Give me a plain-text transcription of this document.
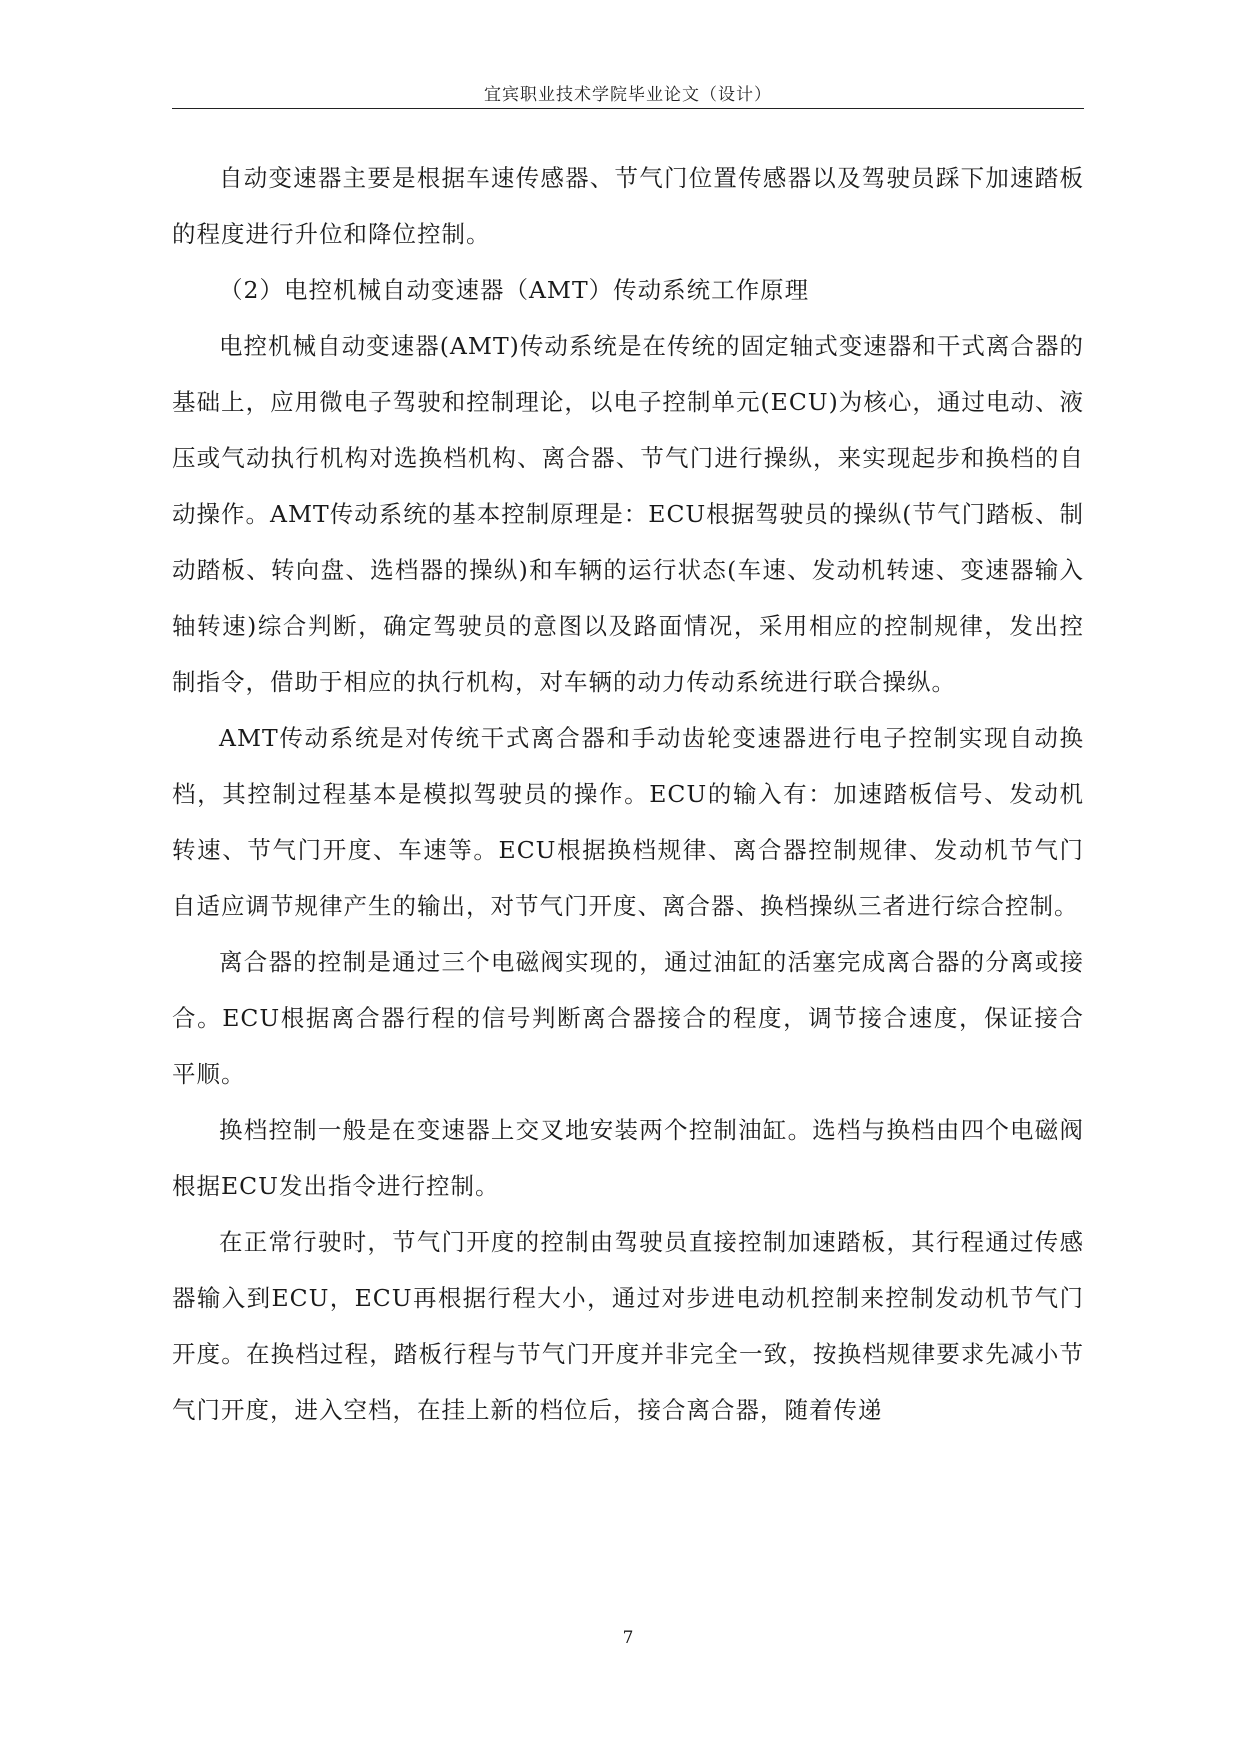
宜宾职业技术学院毕业论文（设计）

自动变速器主要是根据车速传感器、节气门位置传感器以及驾驶员踩下加速踏板的程度进行升位和降位控制。

（2）电控机械自动变速器（AMT）传动系统工作原理

电控机械自动变速器(AMT)传动系统是在传统的固定轴式变速器和干式离合器的基础上，应用微电子驾驶和控制理论，以电子控制单元(ECU)为核心，通过电动、液压或气动执行机构对选换档机构、离合器、节气门进行操纵，来实现起步和换档的自动操作。AMT传动系统的基本控制原理是：ECU根据驾驶员的操纵(节气门踏板、制动踏板、转向盘、选档器的操纵)和车辆的运行状态(车速、发动机转速、变速器输入轴转速)综合判断，确定驾驶员的意图以及路面情况，采用相应的控制规律，发出控制指令，借助于相应的执行机构，对车辆的动力传动系统进行联合操纵。

AMT传动系统是对传统干式离合器和手动齿轮变速器进行电子控制实现自动换档，其控制过程基本是模拟驾驶员的操作。ECU的输入有：加速踏板信号、发动机转速、节气门开度、车速等。ECU根据换档规律、离合器控制规律、发动机节气门自适应调节规律产生的输出，对节气门开度、离合器、换档操纵三者进行综合控制。

离合器的控制是通过三个电磁阀实现的，通过油缸的活塞完成离合器的分离或接合。ECU根据离合器行程的信号判断离合器接合的程度，调节接合速度，保证接合平顺。

换档控制一般是在变速器上交叉地安装两个控制油缸。选档与换档由四个电磁阀根据ECU发出指令进行控制。

在正常行驶时，节气门开度的控制由驾驶员直接控制加速踏板，其行程通过传感器输入到ECU，ECU再根据行程大小，通过对步进电动机控制来控制发动机节气门开度。在换档过程，踏板行程与节气门开度并非完全一致，按换档规律要求先减小节气门开度，进入空档，在挂上新的档位后，接合离合器，随着传递

7
